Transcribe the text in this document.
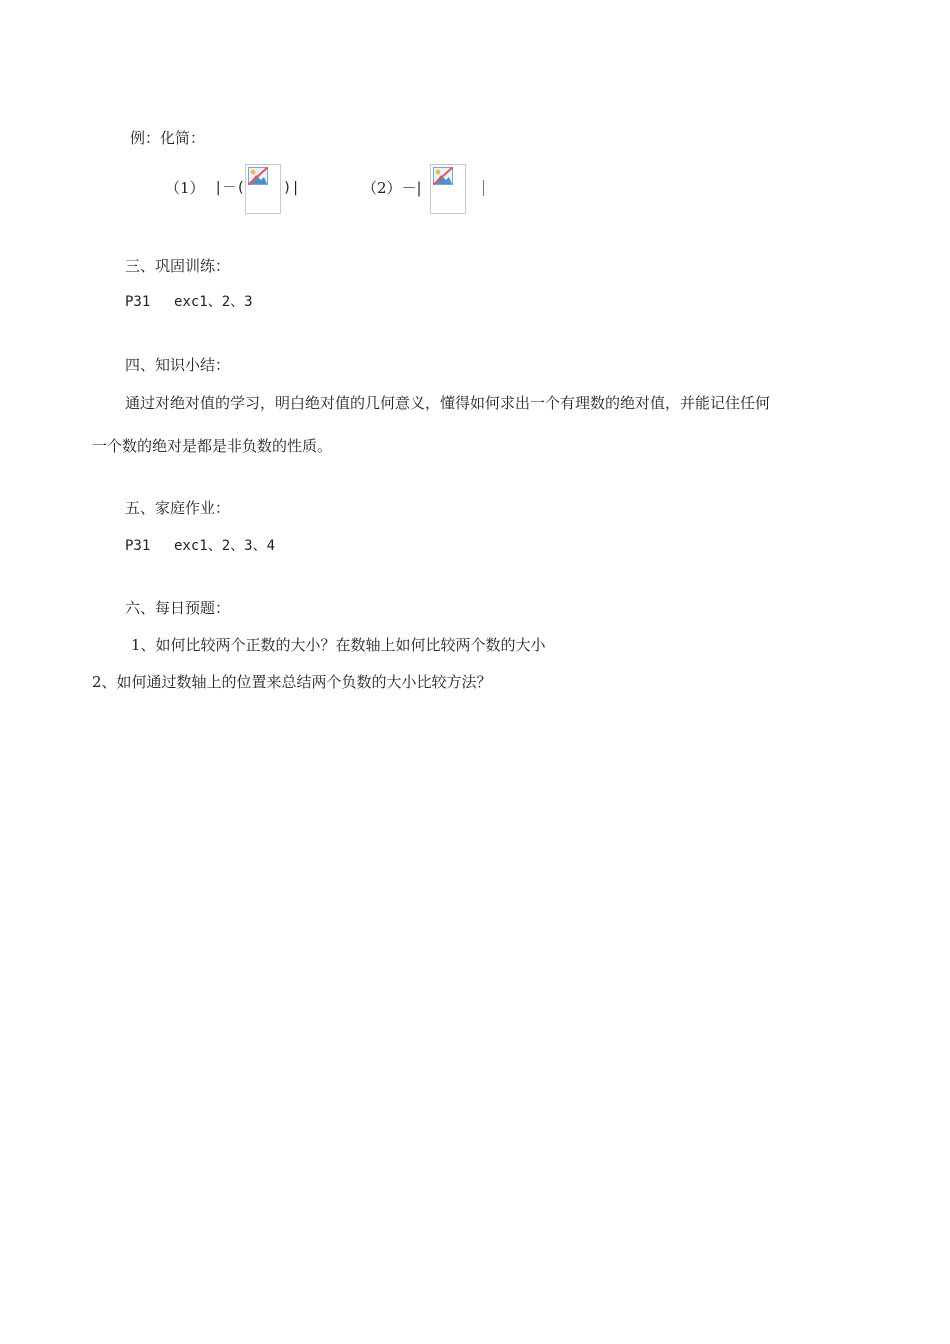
例：化简：
（1） |－(	)|	（2）－|
三、巩固训练：
P31 exc1、2、3
四、知识小结：
通过对绝对值的学习，明白绝对值的几何意义，懂得如何求出一个有理数的绝对值，并能记住任何
一个数的绝对是都是非负数的性质。
五、家庭作业：
P31 exc1、2、3、4
六、每日预题：
1、如何比较两个正数的大小？在数轴上如何比较两个数的大小
2、如何通过数轴上的位置来总结两个负数的大小比较方法？
